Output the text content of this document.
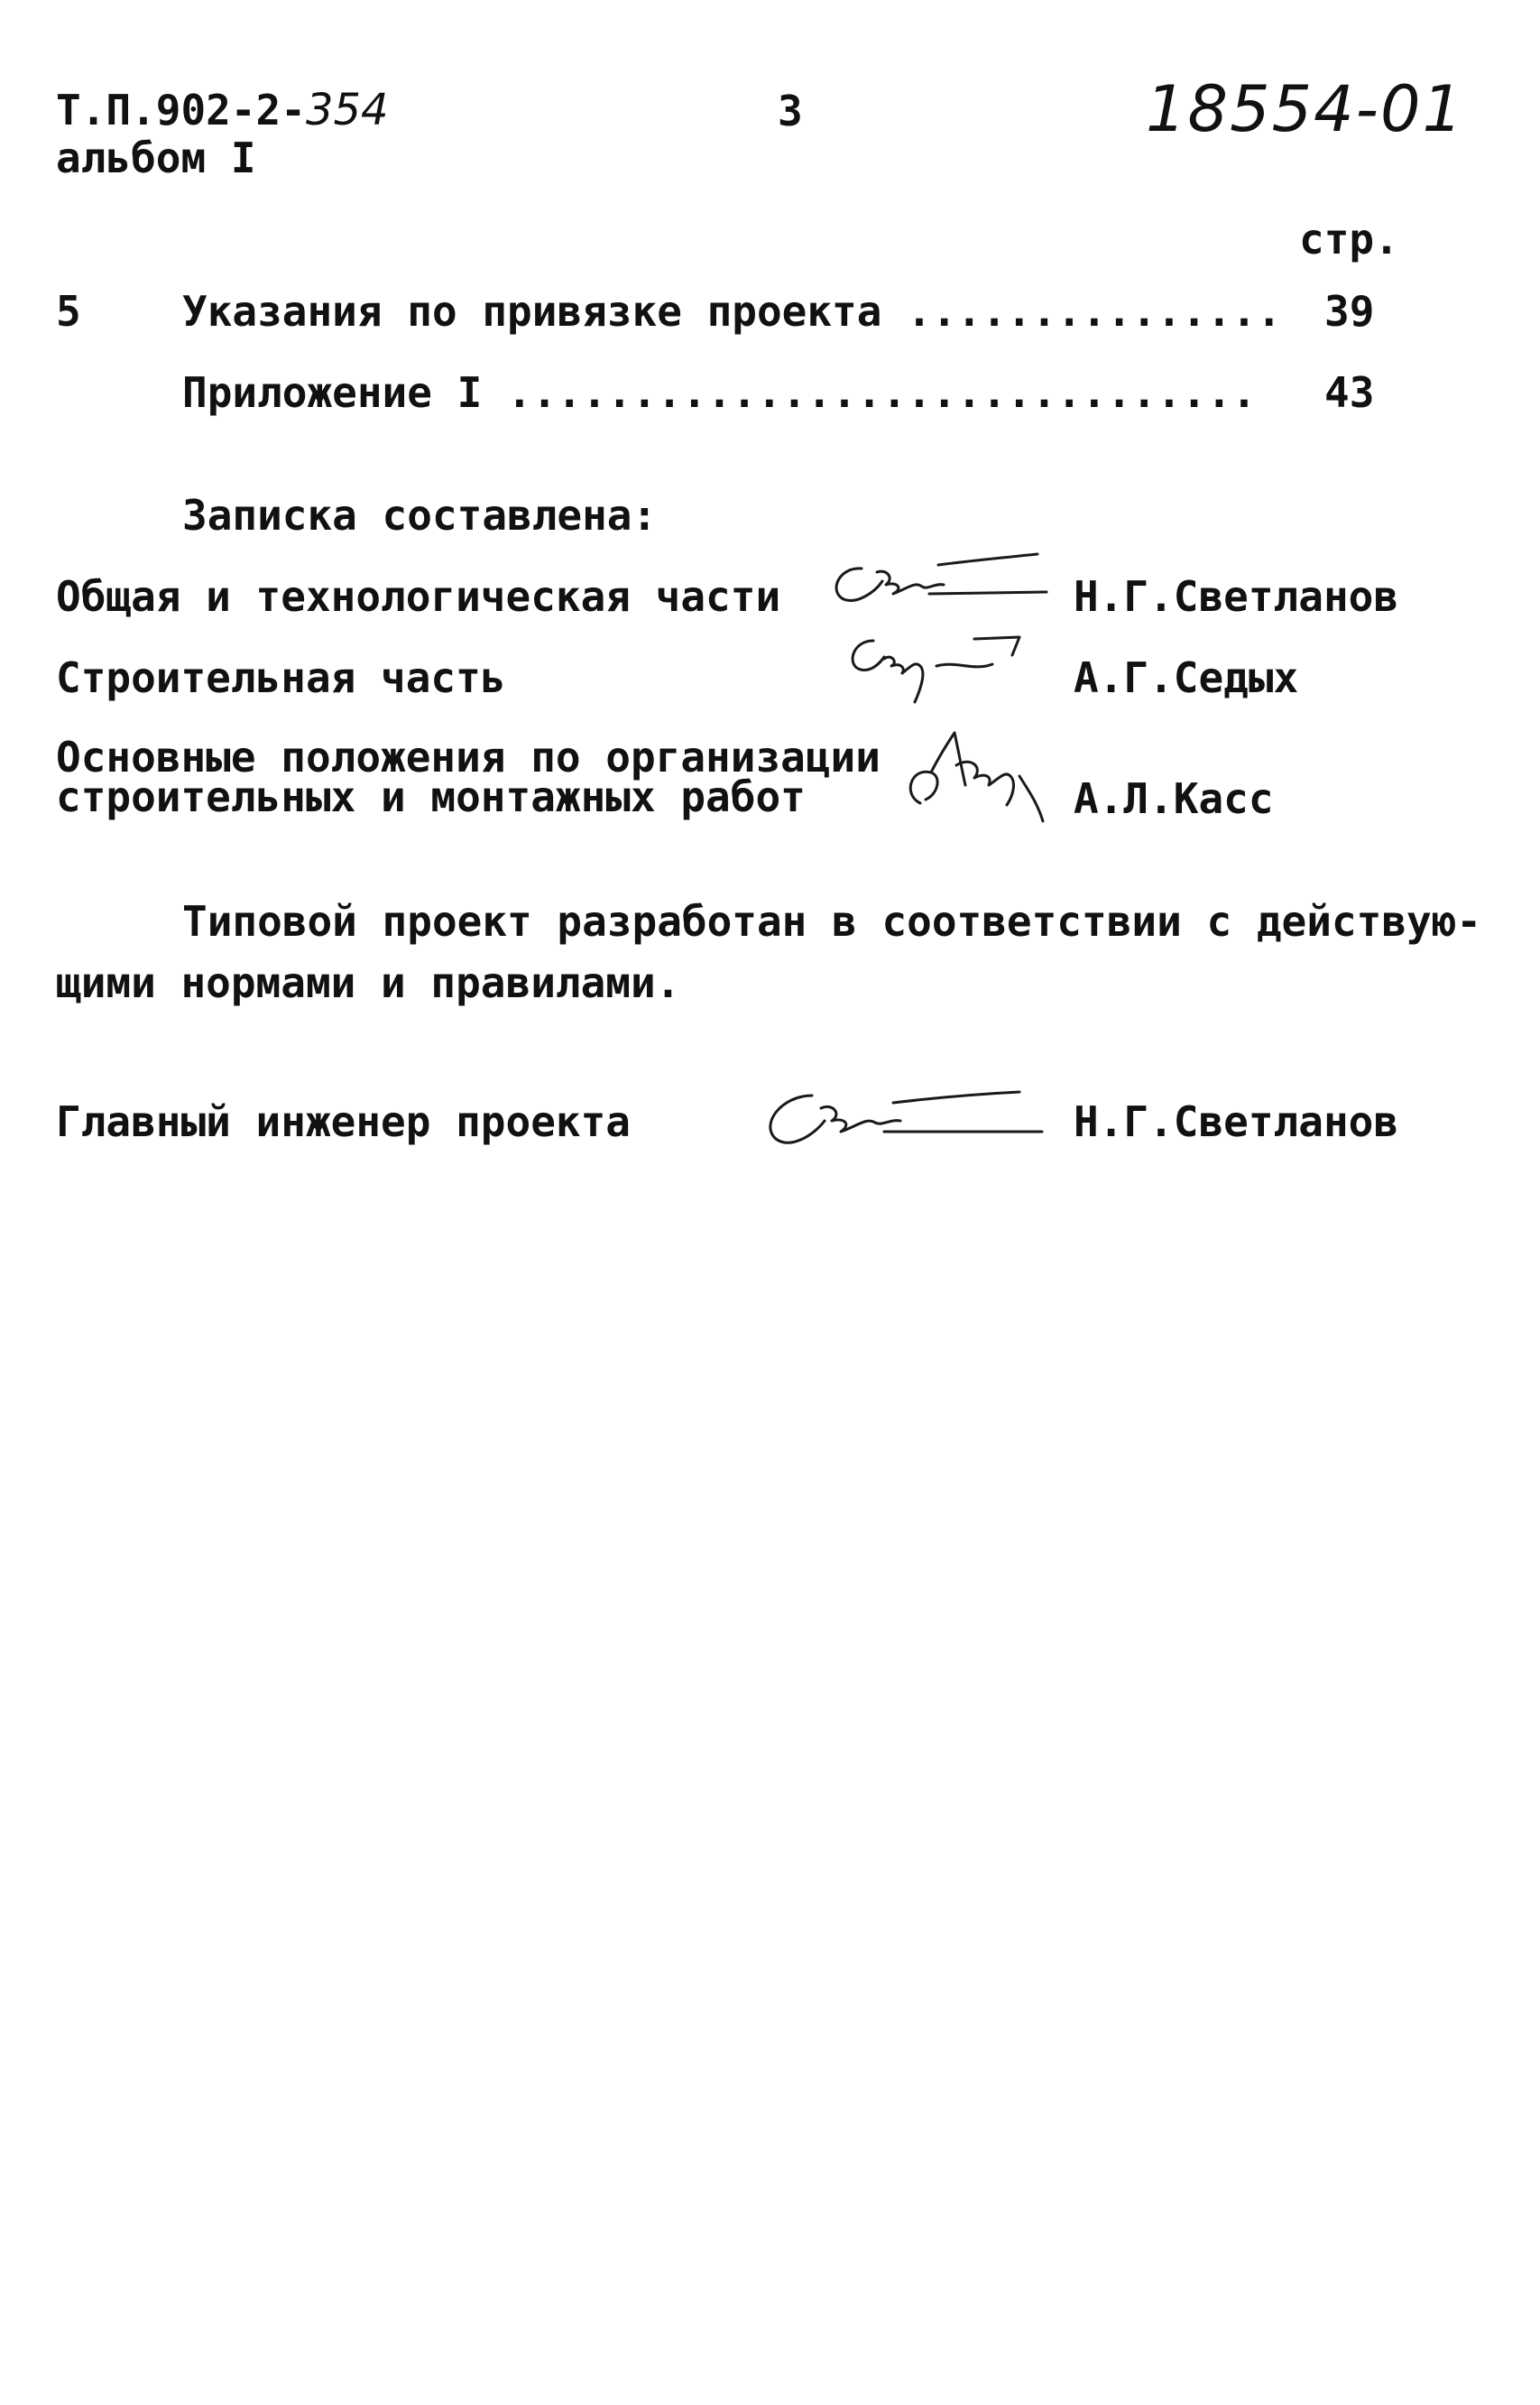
Т.П.902-2-354
альбом I
3	18554-01
стр.
5 Указания по привязке проекта ............... 39
Приложение I .............................. 43
Записка составлена:
Общая и технологическая части	Н.Г.Светланов
Строительная часть	А.Г.Седых
Основные положения по организации
строительных и монтажных работ	А.Л.Касс
Типовой проект разработан в соответствии с действую-
щими нормами и правилами.
Главный инженер проекта	Н.Г.Светланов
